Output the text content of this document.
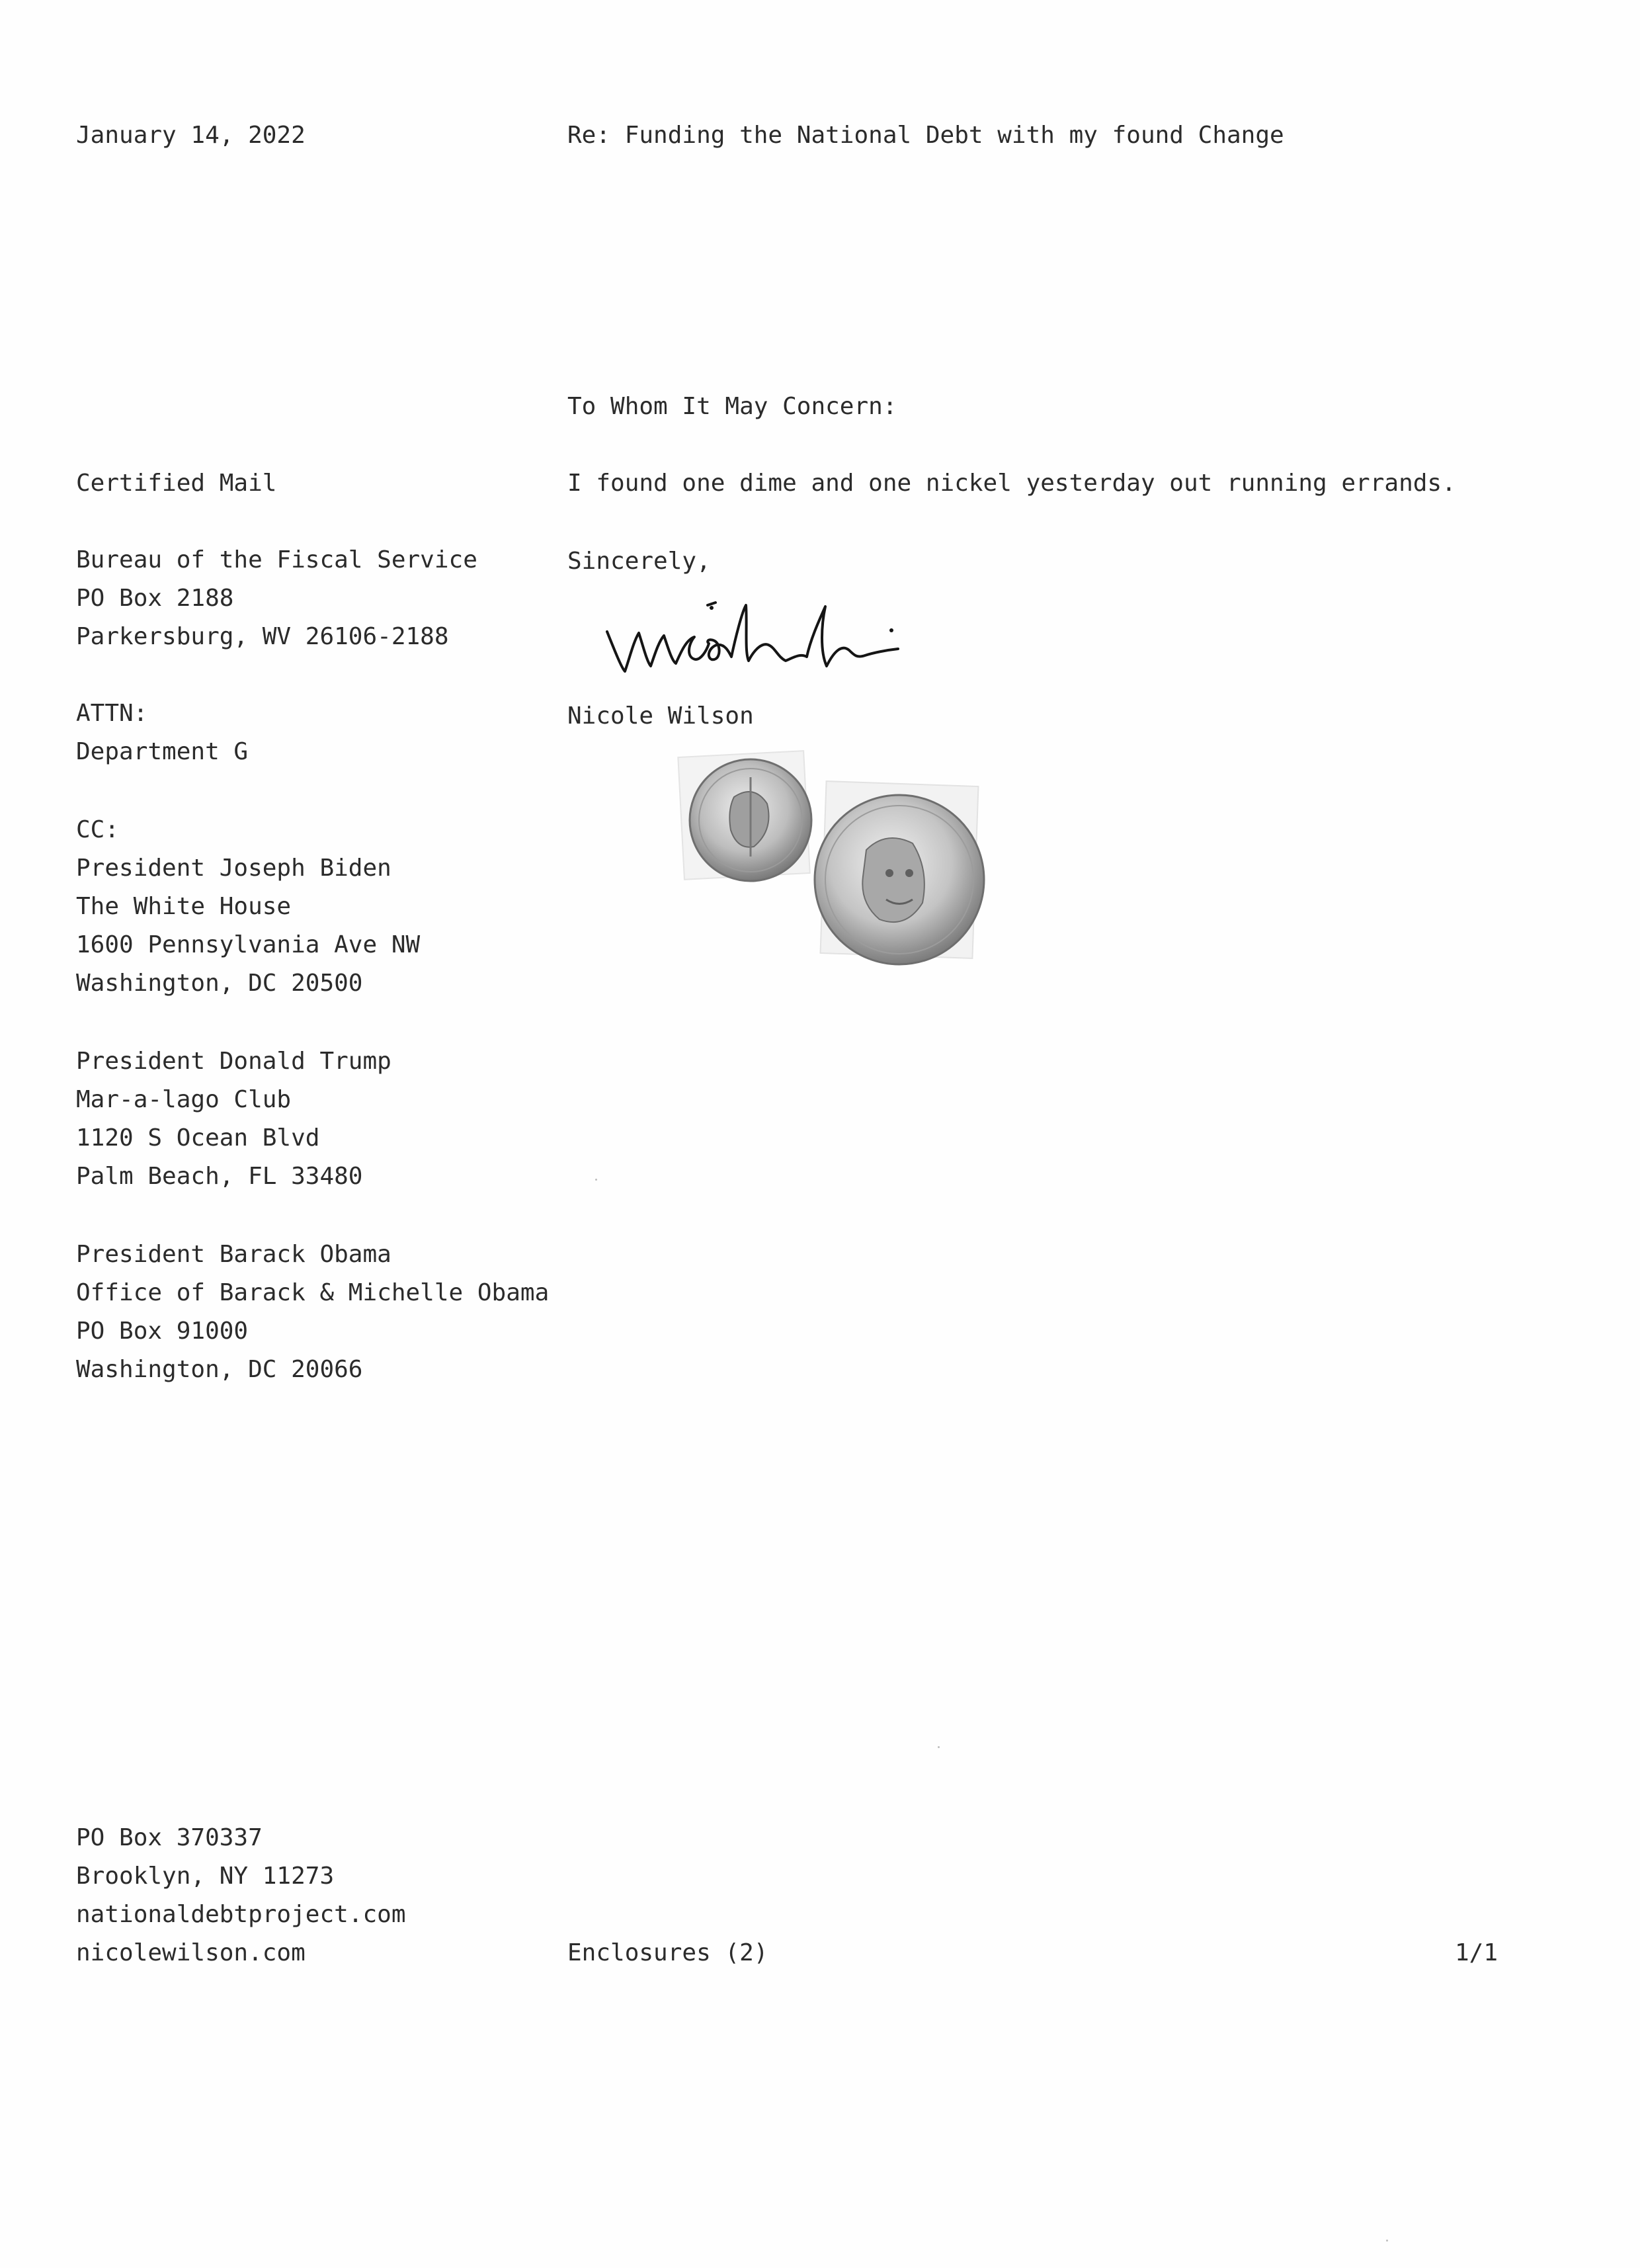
January 14, 2022	Re: Funding the National Debt with my found Change
To Whom It May Concern:
I found one dime and one nickel yesterday out running errands.
Sincerely,
Nicole Wilson
Certified Mail
Bureau of the Fiscal Service
PO Box 2188
Parkersburg, WV 26106-2188
ATTN:
Department G
CC:
President Joseph Biden
The White House
1600 Pennsylvania Ave NW
Washington, DC 20500
President Donald Trump
Mar-a-lago Club
1120 S Ocean Blvd
Palm Beach, FL 33480
President Barack Obama
Office of Barack & Michelle Obama
PO Box 91000
Washington, DC 20066
PO Box 370337
Brooklyn, NY 11273
nationaldebtproject.com
nicolewilson.com	Enclosures (2)	1/1
